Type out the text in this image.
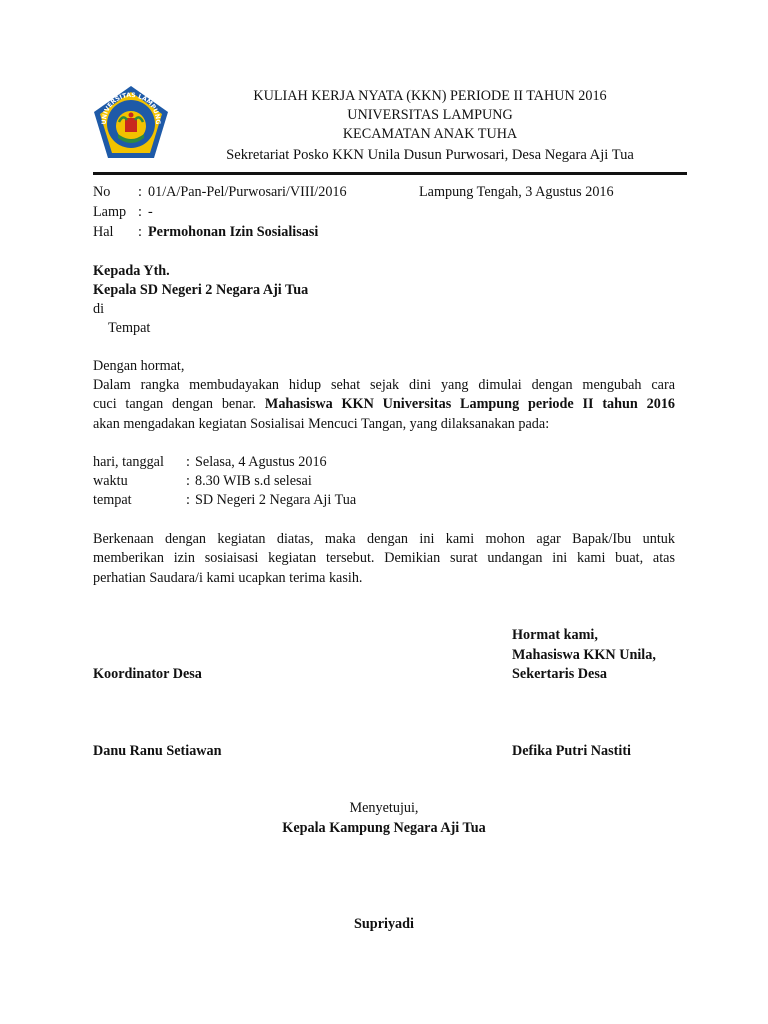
UNIVERSITAS LAMPUNG
KULIAH KERJA NYATA (KKN) PERIODE II TAHUN 2016
UNIVERSITAS LAMPUNG
KECAMATAN ANAK TUHA
Sekretariat Posko KKN Unila Dusun Purwosari, Desa Negara Aji Tua
No : 01/A/Pan-Pel/Purwosari/VIII/2016	Lampung Tengah, 3 Agustus 2016
Lamp : -
Hal : Permohonan Izin Sosialisasi
Kepada Yth.
Kepala SD Negeri 2 Negara Aji Tua
di
Tempat
Dengan hormat,
Dalam rangka membudayakan hidup sehat sejak dini yang dimulai dengan mengubah cara
cuci tangan dengan benar. Mahasiswa KKN Universitas Lampung periode II tahun 2016
akan mengadakan kegiatan Sosialisai Mencuci Tangan, yang dilaksanakan pada:
hari, tanggal : Selasa, 4 Agustus 2016
waktu	: 8.30 WIB s.d selesai
tempat	: SD Negeri 2 Negara Aji Tua
Berkenaan dengan kegiatan diatas, maka dengan ini kami mohon agar Bapak/Ibu untuk
memberikan izin sosiaisasi kegiatan tersebut. Demikian surat undangan ini kami buat, atas
perhatian Saudara/i kami ucapkan terima kasih.
Hormat kami,
Mahasiswa KKN Unila,
Koordinator Desa	Sekertaris Desa
Danu Ranu Setiawan	Defika Putri Nastiti
Menyetujui,
Kepala Kampung Negara Aji Tua
Supriyadi
